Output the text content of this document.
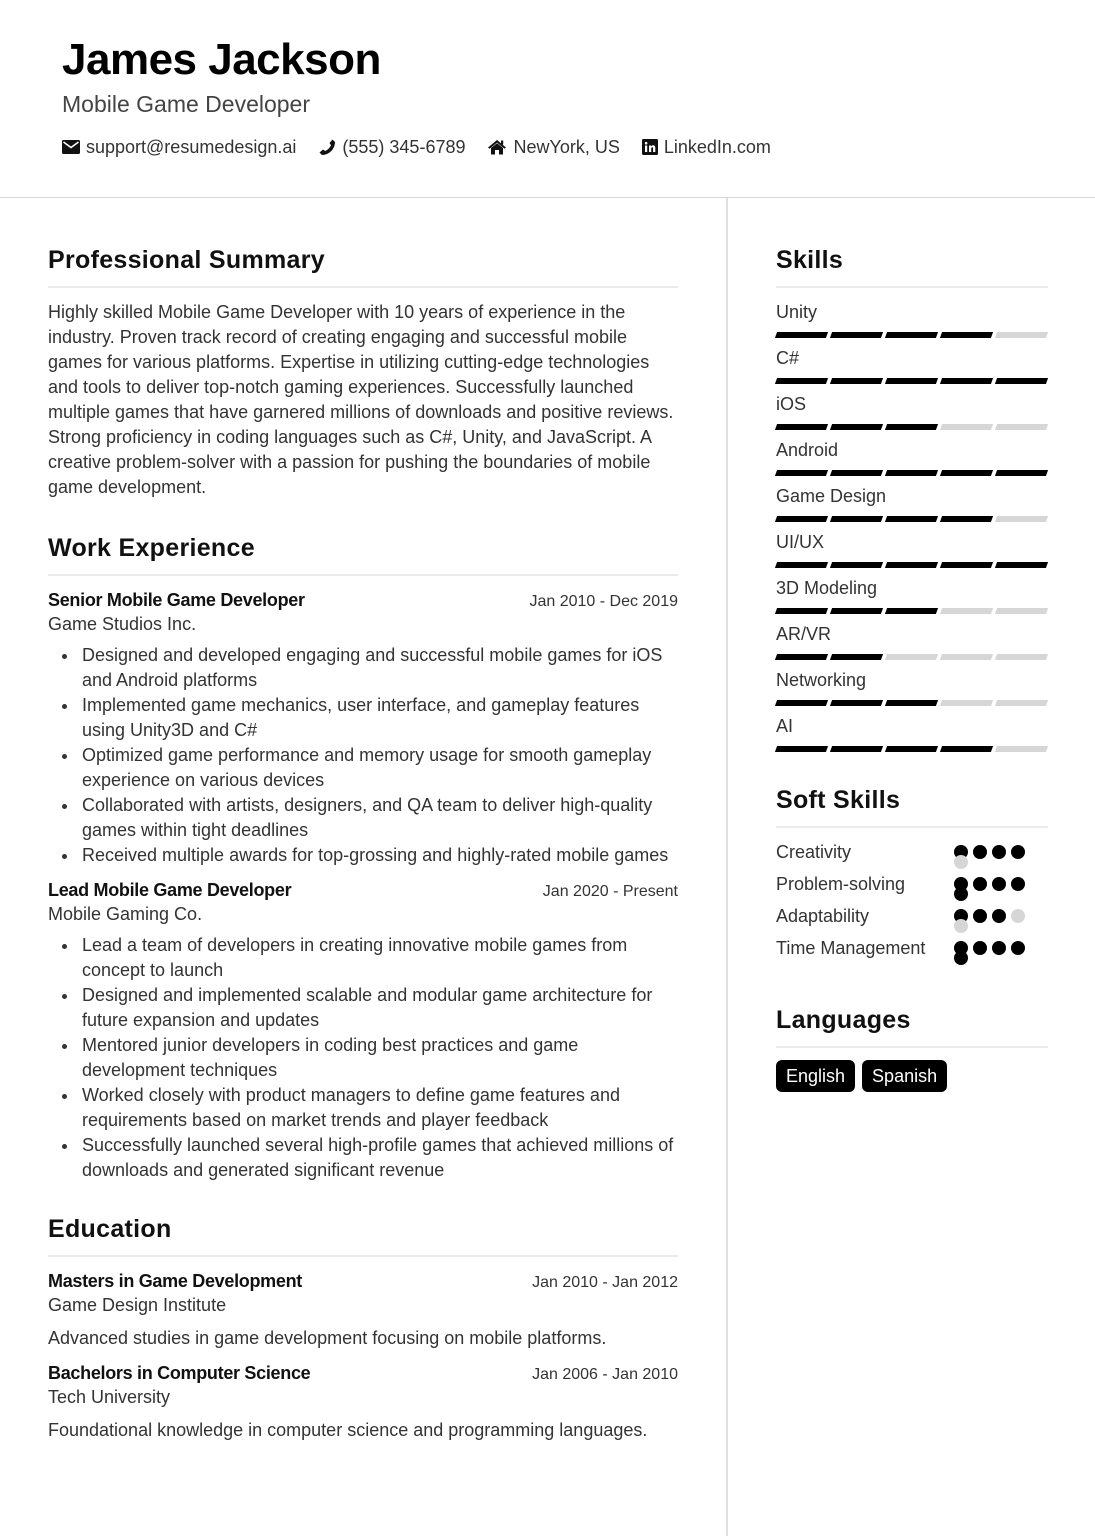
James Jackson
Mobile Game Developer
support@resumedesign.ai	(555) 345-6789	NewYork, US LinkedIn.com
Professional Summary

Highly skilled Mobile Game Developer with 10 years of experience in the industry. Proven track record of creating engaging and successful mobile games for various platforms. Expertise in utilizing cutting-edge technologies and tools to deliver top-notch gaming experiences. Successfully launched multiple games that have garnered millions of downloads and positive reviews. Strong proficiency in coding languages such as C#, Unity, and JavaScript. A creative problem-solver with a passion for pushing the boundaries of mobile game development.

Work Experience
Senior Mobile Game Developer	Jan 2010 - Dec 2019
Game Studios Inc.
Designed and developed engaging and successful mobile games for iOS and Android platforms
Implemented game mechanics, user interface, and gameplay features using Unity3D and C#
Optimized game performance and memory usage for smooth gameplay experience on various devices
Collaborated with artists, designers, and QA team to deliver high-quality games within tight deadlines
Received multiple awards for top-grossing and highly-rated mobile games
Lead Mobile Game Developer	Jan 2020 - Present
Mobile Gaming Co.
Lead a team of developers in creating innovative mobile games from concept to launch
Designed and implemented scalable and modular game architecture for future expansion and updates
Mentored junior developers in coding best practices and game development techniques
Worked closely with product managers to define game features and requirements based on market trends and player feedback
Successfully launched several high-profile games that achieved millions of downloads and generated significant revenue
Education
Masters in Game Development	Jan 2010 - Jan 2012
Game Design Institute

Advanced studies in game development focusing on mobile platforms.

Bachelors in Computer Science	Jan 2006 - Jan 2010
Tech University

Foundational knowledge in computer science and programming languages.

Skills
Unity
C#
iOS
Android
Game Design
UI/UX
3D Modeling
AR/VR
Networking
AI
Soft Skills
Creativity
Problem-solving
Adaptability
Time Management
Languages
English	Spanish
